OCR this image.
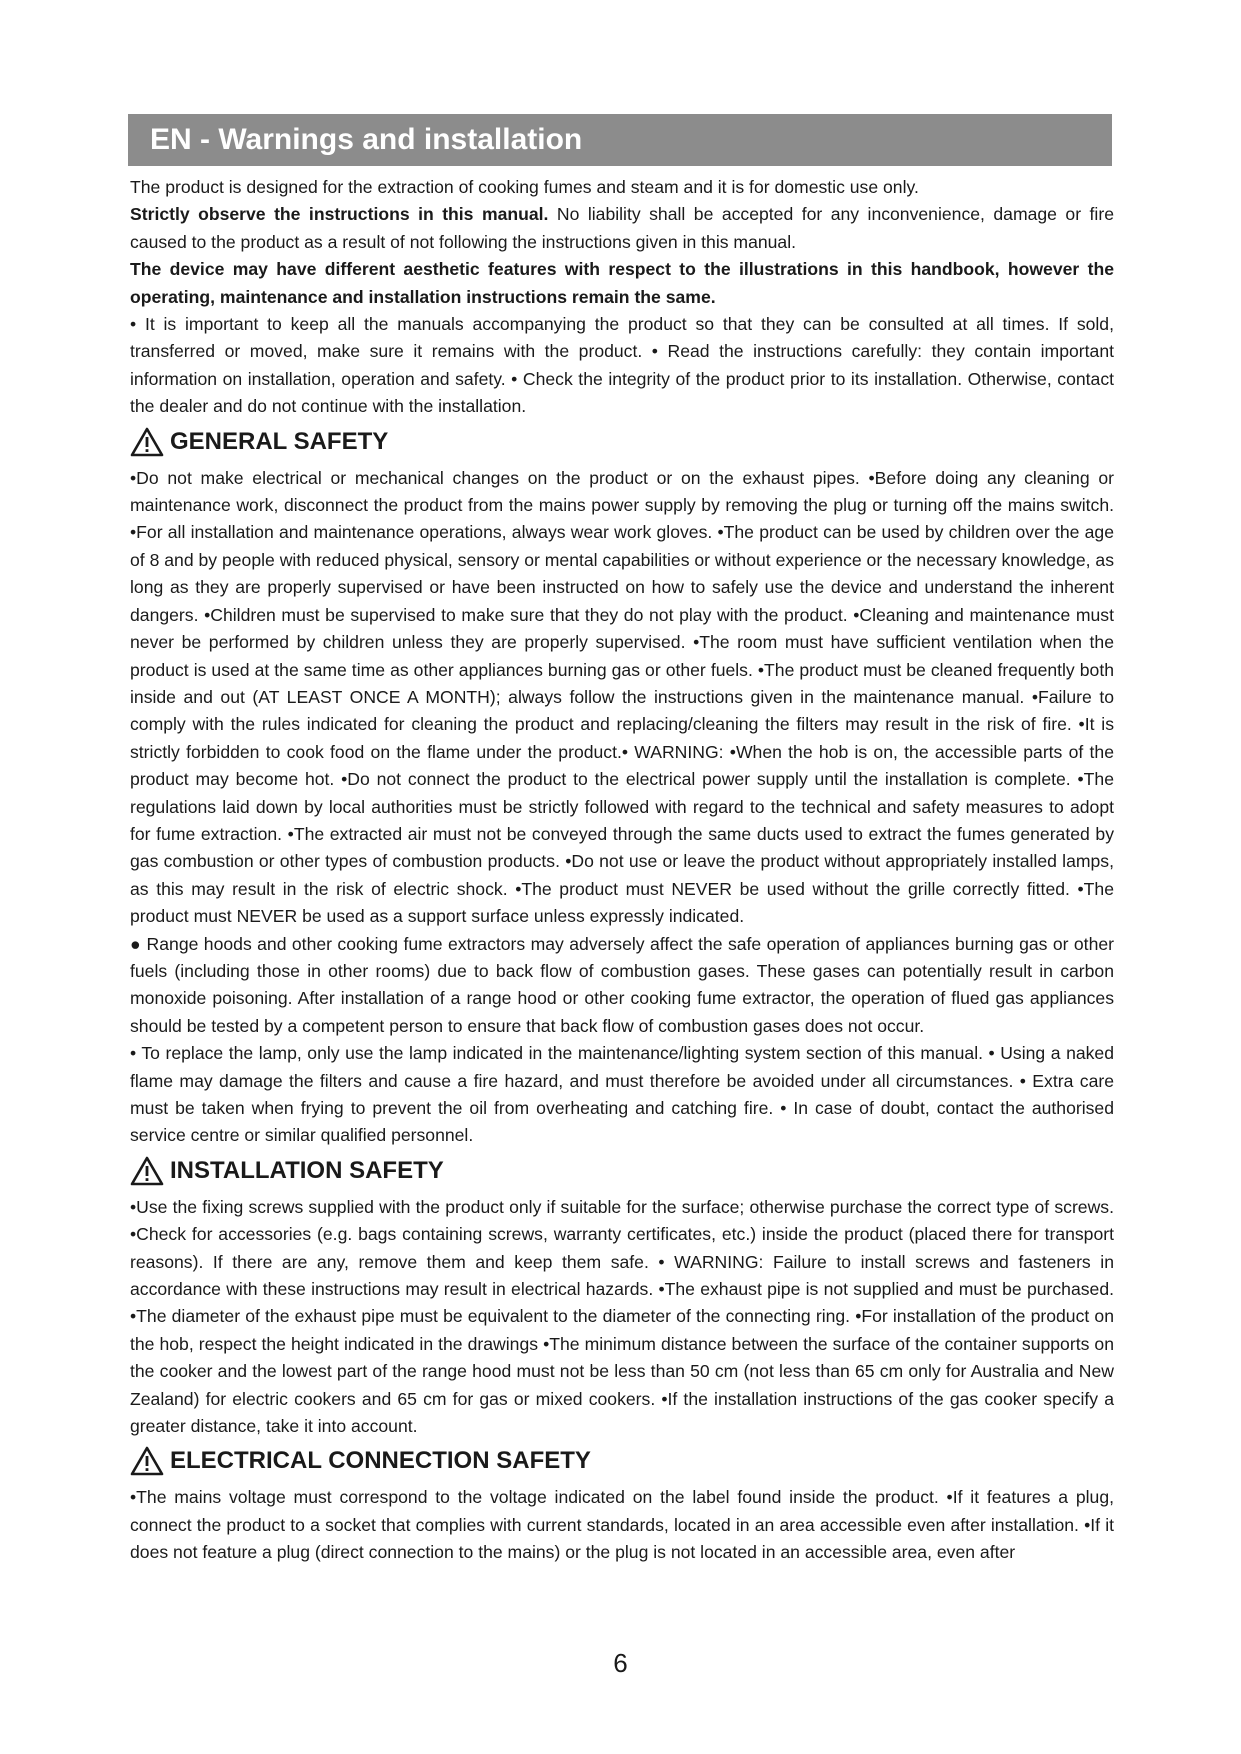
EN - Warnings and installation

The product is designed for the extraction of cooking fumes and steam and it is for domestic use only.

Strictly observe the instructions in this manual. No liability shall be accepted for any inconvenience, damage or fire caused to the product as a result of not following the instructions given in this manual.

The device may have different aesthetic features with respect to the illustrations in this handbook, however the operating, maintenance and installation instructions remain the same.

• It is important to keep all the manuals accompanying the product so that they can be consulted at all times. If sold, transferred or moved, make sure it remains with the product. • Read the instructions carefully: they contain important information on installation, operation and safety. • Check the integrity of the product prior to its installation. Otherwise, contact the dealer and do not continue with the installation.

GENERAL SAFETY

•Do not make electrical or mechanical changes on the product or on the exhaust pipes. •Before doing any cleaning or maintenance work, disconnect the product from the mains power supply by removing the plug or turning off the mains switch. •For all installation and maintenance operations, always wear work gloves. •The product can be used by children over the age of 8 and by people with reduced physical, sensory or mental capabilities or without experience or the necessary knowledge, as long as they are properly supervised or have been instructed on how to safely use the device and understand the inherent dangers. •Children must be supervised to make sure that they do not play with the product. •Cleaning and maintenance must never be performed by children unless they are properly supervised. •The room must have sufficient ventilation when the product is used at the same time as other appliances burning gas or other fuels. •The product must be cleaned frequently both inside and out (AT LEAST ONCE A MONTH); always follow the instructions given in the maintenance manual. •Failure to comply with the rules indicated for cleaning the product and replacing/cleaning the filters may result in the risk of fire. •It is strictly forbidden to cook food on the flame under the product.• WARNING: •When the hob is on, the accessible parts of the product may become hot. •Do not connect the product to the electrical power supply until the installation is complete. •The regulations laid down by local authorities must be strictly followed with regard to the technical and safety measures to adopt for fume extraction. •The extracted air must not be conveyed through the same ducts used to extract the fumes generated by gas combustion or other types of combustion products. •Do not use or leave the product without appropriately installed lamps, as this may result in the risk of electric shock. •The product must NEVER be used without the grille correctly fitted. •The product must NEVER be used as a support surface unless expressly indicated.

● Range hoods and other cooking fume extractors may adversely affect the safe operation of appliances burning gas or other fuels (including those in other rooms) due to back flow of combustion gases. These gases can potentially result in carbon monoxide poisoning. After installation of a range hood or other cooking fume extractor, the operation of flued gas appliances should be tested by a competent person to ensure that back flow of combustion gases does not occur.

• To replace the lamp, only use the lamp indicated in the maintenance/lighting system section of this manual. • Using a naked flame may damage the filters and cause a fire hazard, and must therefore be avoided under all circumstances. • Extra care must be taken when frying to prevent the oil from overheating and catching fire. • In case of doubt, contact the authorised service centre or similar qualified personnel.

INSTALLATION SAFETY

•Use the fixing screws supplied with the product only if suitable for the surface; otherwise purchase the correct type of screws. •Check for accessories (e.g. bags containing screws, warranty certificates, etc.) inside the product (placed there for transport reasons). If there are any, remove them and keep them safe. • WARNING: Failure to install screws and fasteners in accordance with these instructions may result in electrical hazards. •The exhaust pipe is not supplied and must be purchased. •The diameter of the exhaust pipe must be equivalent to the diameter of the connecting ring. •For installation of the product on the hob, respect the height indicated in the drawings •The minimum distance between the surface of the container supports on the cooker and the lowest part of the range hood must not be less than 50 cm (not less than 65 cm only for Australia and New Zealand) for electric cookers and 65 cm for gas or mixed cookers. •If the installation instructions of the gas cooker specify a greater distance, take it into account.

ELECTRICAL CONNECTION SAFETY

•The mains voltage must correspond to the voltage indicated on the label found inside the product. •If it features a plug, connect the product to a socket that complies with current standards, located in an area accessible even after installation. •If it does not feature a plug (direct connection to the mains) or the plug is not located in an accessible area, even after

6
